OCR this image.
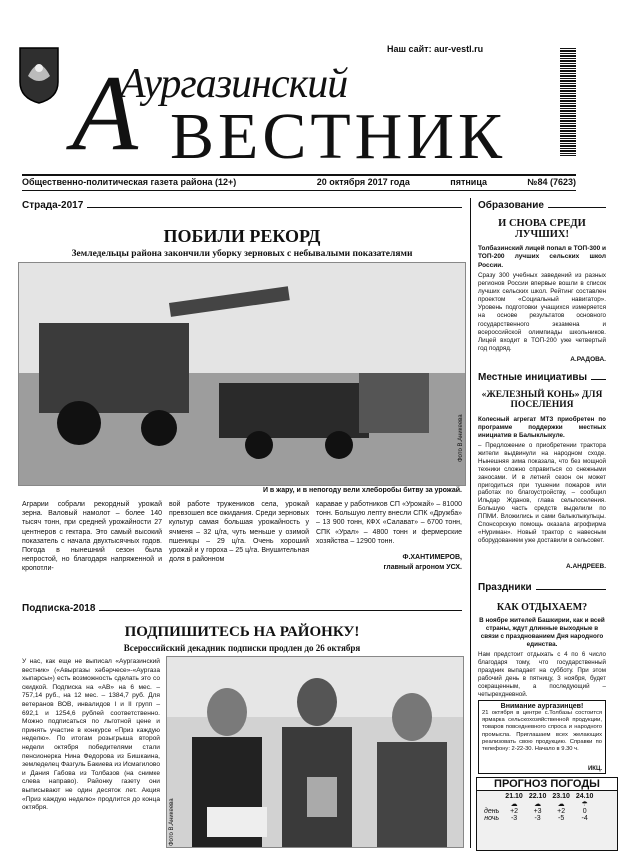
Наш сайт: aur-vestl.ru
А
Аургазинский
ВЕСТНИК
Общественно-политическая газета района (12+)	20 октября 2017 года	пятница	№84 (7623)
Страда-2017
ПОБИЛИ РЕКОРД
Земледельцы района закончили уборку зерновых с небывалыми показателями
Фото В.Аникеева
И в жару, и в непогоду вели хлеборобы битву за урожай.
Аграрии собрали рекордный урожай зерна. Валовый намолот – более 140 тысяч тонн, при средней урожайности 27 центнеров с гектара. Это самый высокий показатель с начала двухтысячных годов. Погода в нынешний сезон была непростой, но благодаря напряженной и кропотли-
вой работе тружеников села, урожай превзошел все ожидания. Среди зерновых культур самая большая урожайность у ячменя – 32 ц/га, чуть меньше у озимой пшеницы – 29 ц/га. Очень хороший урожай и у гороха – 25 ц/га. Внушительная доля в районном
каравае у работников СП «Урожай» – 81000 тонн. Большую лепту внесли СПК «Дружба» – 13 900 тонн, КФХ «Салават» – 6700 тонн, СПК «Урал» – 4800 тонн и фермерские хозяйства – 12900 тонн.
Ф.ХАНТИМЕРОВ,
главный агроном УСХ.
Подписка-2018
ПОДПИШИТЕСЬ НА РАЙОНКУ!
Всероссийский декадник подписки продлен до 26 октября
У нас, как еще не выписал «Аургазинский вестник» («Авыргазы хәбәрчесе»-«Аургаза хыпарсы») есть возможность сделать это со скидкой. Подписка на «АВ» на 6 мес. – 757,14 руб., на 12 мес. – 1384,7 руб. Для ветеранов ВОВ, инвалидов I и II групп – 692,1 и 1254,6 рублей соответственно. Можно подписаться по льготной цене и принять участие в конкурсе «Приз каждую неделю». По итогам розыгрыша второй недели октября победителями стали пенсионерка Нина Федорова из Бишкаина, земледелец Фазгуль Бакиева из Исмагилово и Дания Габова из Толбазов (на снимке слева направо). Районку газету они выписывают не один десяток лет. Акция «Приз каждую неделю» продлится до конца октября.	Фото В.Аникеева
Образование
И СНОВА СРЕДИ ЛУЧШИХ!
Толбазинский лицей попал в ТОП-300 и ТОП-200 лучших сельских школ России.
Сразу 300 учебных заведений из разных регионов России впервые вошли в список лучших сельских школ. Рейтинг составлен проектом «Социальный навигатор». Уровень подготовки учащихся измеряется на основе результатов основного государственного экзамена и всероссийской олимпиады школьников. Лицей входит в ТОП-200 уже четвертый год подряд.
А.РАДОВА.
Местные инициативы
«ЖЕЛЕЗНЫЙ КОНЬ» ДЛЯ ПОСЕЛЕНИЯ
Колесный агрегат МТЗ приобретен по программе поддержки местных инициатив в Балыклыкуле.
– Предложение о приобретении трактора жители выдвинули на народном сходе. Нынешняя зима показала, что без мощной техники сложно справиться со снежными заносами. И в летний сезон он может пригодиться при тушении пожаров или работах по благоустройству, – сообщил Ильдар Жданов, глава сельпоселения. Большую часть средств выделили по ППМИ. Вложились и сами балыклыкульцы. Спонсорскую помощь оказала агрофирма «Нуриман». Новый трактор с навесным оборудованием уже доставили в сельсовет.
А.АНДРЕЕВ.
Праздники
КАК ОТДЫХАЕМ?
В ноябре жителей Башкирии, как и всей страны, ждут длинные выходные в связи с празднованием Дня народного единства.
Нам предстоит отдыхать с 4 по 6 число благодаря тому, что государственный праздник выпадает на субботу. При этом рабочий день в пятницу, 3 ноября, будет сокращенным, а последующий – четырехдневной.
Внимание аургазинцев!
21 октября в центре с.Толбазы состоится ярмарка сельскохозяйственной продукции, товаров повседневного спроса и народного промысла. Приглашаем всех желающих реализовать свою продукцию. Справки по телефону: 2-22-30. Начало в 9.30 ч.
ИКЦ.
ПРОГНОЗ ПОГОДЫ
	21.10	22.10	23.10	24.10
	☁	☁	☁	☂
день	+2	+3	+2	0
ночь	-3	-3	-5	-4
